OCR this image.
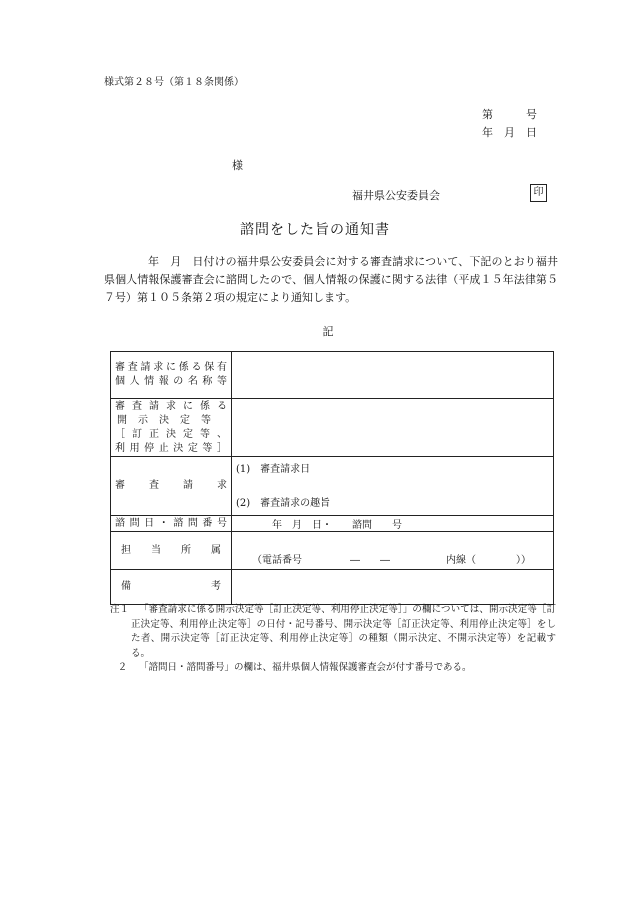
様式第２８号（第１８条関係）
第　　　号
年　月　日
様
福井県公安委員会	印
諮問をした旨の通知書

年　月　日付けの福井県公安委員会に対する審査請求について、下記のとおり福井県個人情報保護審査会に諮問したので、個人情報の保護に関する法律（平成１５年法律第５７号）第１０５条第２項の規定により通知します。

記
審査請求に係る保有
個人情報の名称等	

審査請求に係る
開示決定等
［訂正決定等、
利用停止決定等］	

審査請求	(1)　審査請求日
(2)　審査請求の趣旨

諮問日・諮問番号	年　月　日・　　諮問　　号

担当所属	（電話番号 ―　　― 内線（　　　　））

備考	

注１	「審査請求に係る開示決定等［訂正決定等、利用停止決定等］」の欄については、開示決定等［訂正決定等、利用停止決定等］の日付・記号番号、開示決定等［訂正決定等、利用停止決定等］をした者、開示決定等［訂正決定等、利用停止決定等］の種類（開示決定、不開示決定等）を記載する。
２	「諮問日・諮問番号」の欄は、福井県個人情報保護審査会が付す番号である。
